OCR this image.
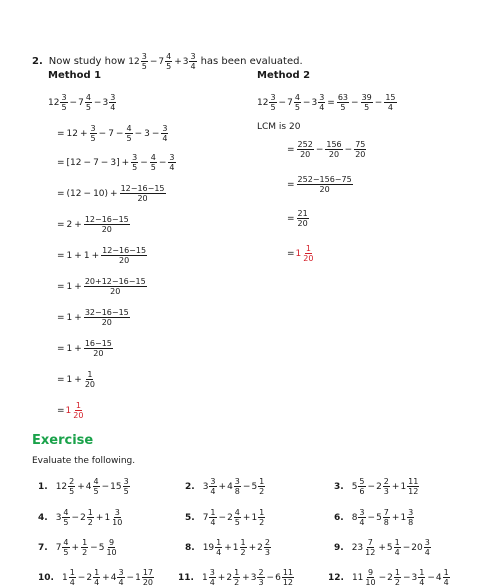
2. Now study how $12 \frac{3}{5} - 7 \frac{4}{5} + 3 \frac{3}{4}$ has been evaluated.
Method 1
$12 \frac{3}{5} - 7 \frac{4}{5} - 3 \frac{3}{4}$
= $12 + \frac{3}{5} - 7 - \frac{4}{5} - 3 - \frac{3}{4}$
= $[12 - 7 - 3] + \frac{3}{5} - \frac{4}{5} - \frac{3}{4}$
= $(12 - 10) + \frac{12-16-15}{20}$
= $2 + \frac{12-16-15}{20}$
= $1 + 1 + \frac{12-16-15}{20}$
= $1 + \frac{20+12-16-15}{20}$
= $1 + \frac{32-16-15}{20}$
= $1 + \frac{16-15}{20}$
= $1 + \frac{1}{20}$
= $1 \frac{1}{20}$
Method 2
$12 \frac{3}{5} - 7 \frac{4}{5} - 3 \frac{3}{4} = \frac{63}{5} - \frac{39}{5} - \frac{15}{4}$
LCM is 20
= $\frac{252}{20} - \frac{156}{20} - \frac{75}{20}$
= $\frac{252-156-75}{20}$
= $\frac{21}{20}$
= $1 \frac{1}{20}$
Exercise
Evaluate the following.
1. $12 \frac{2}{5} + 4 \frac{4}{5} - 15 \frac{3}{5}$	2. $3 \frac{3}{4} + 4 \frac{3}{8} - 5 \frac{1}{2}$	3. $5 \frac{5}{6} - 2 \frac{2}{3} + 1 \frac{11}{12}$
4. $3 \frac{4}{5} - 2 \frac{1}{2} + 1 \frac{3}{10}$	5. $7 \frac{1}{4} - 2 \frac{4}{5} + 1 \frac{1}{2}$	6. $8 \frac{3}{4} - 5 \frac{7}{8} + 1 \frac{3}{8}$
7. $7 \frac{4}{5} + \frac{1}{2} - 5 \frac{9}{10}$	8. $19 \frac{1}{4} + 1 \frac{1}{2} + 2 \frac{2}{3}$	9. $23 \frac{7}{12} + 5 \frac{1}{4} - 20 \frac{3}{4}$
10. $1 \frac{1}{4} - 2 \frac{1}{4} + 4 \frac{3}{4} - 1 \frac{17}{20}$	11. $1 \frac{3}{4} + 2 \frac{1}{2} + 3 \frac{2}{3} - 6 \frac{11}{12}$	12. $11 \frac{9}{10} - 2 \frac{1}{2} - 3 \frac{1}{4} - 4 \frac{1}{4}$
